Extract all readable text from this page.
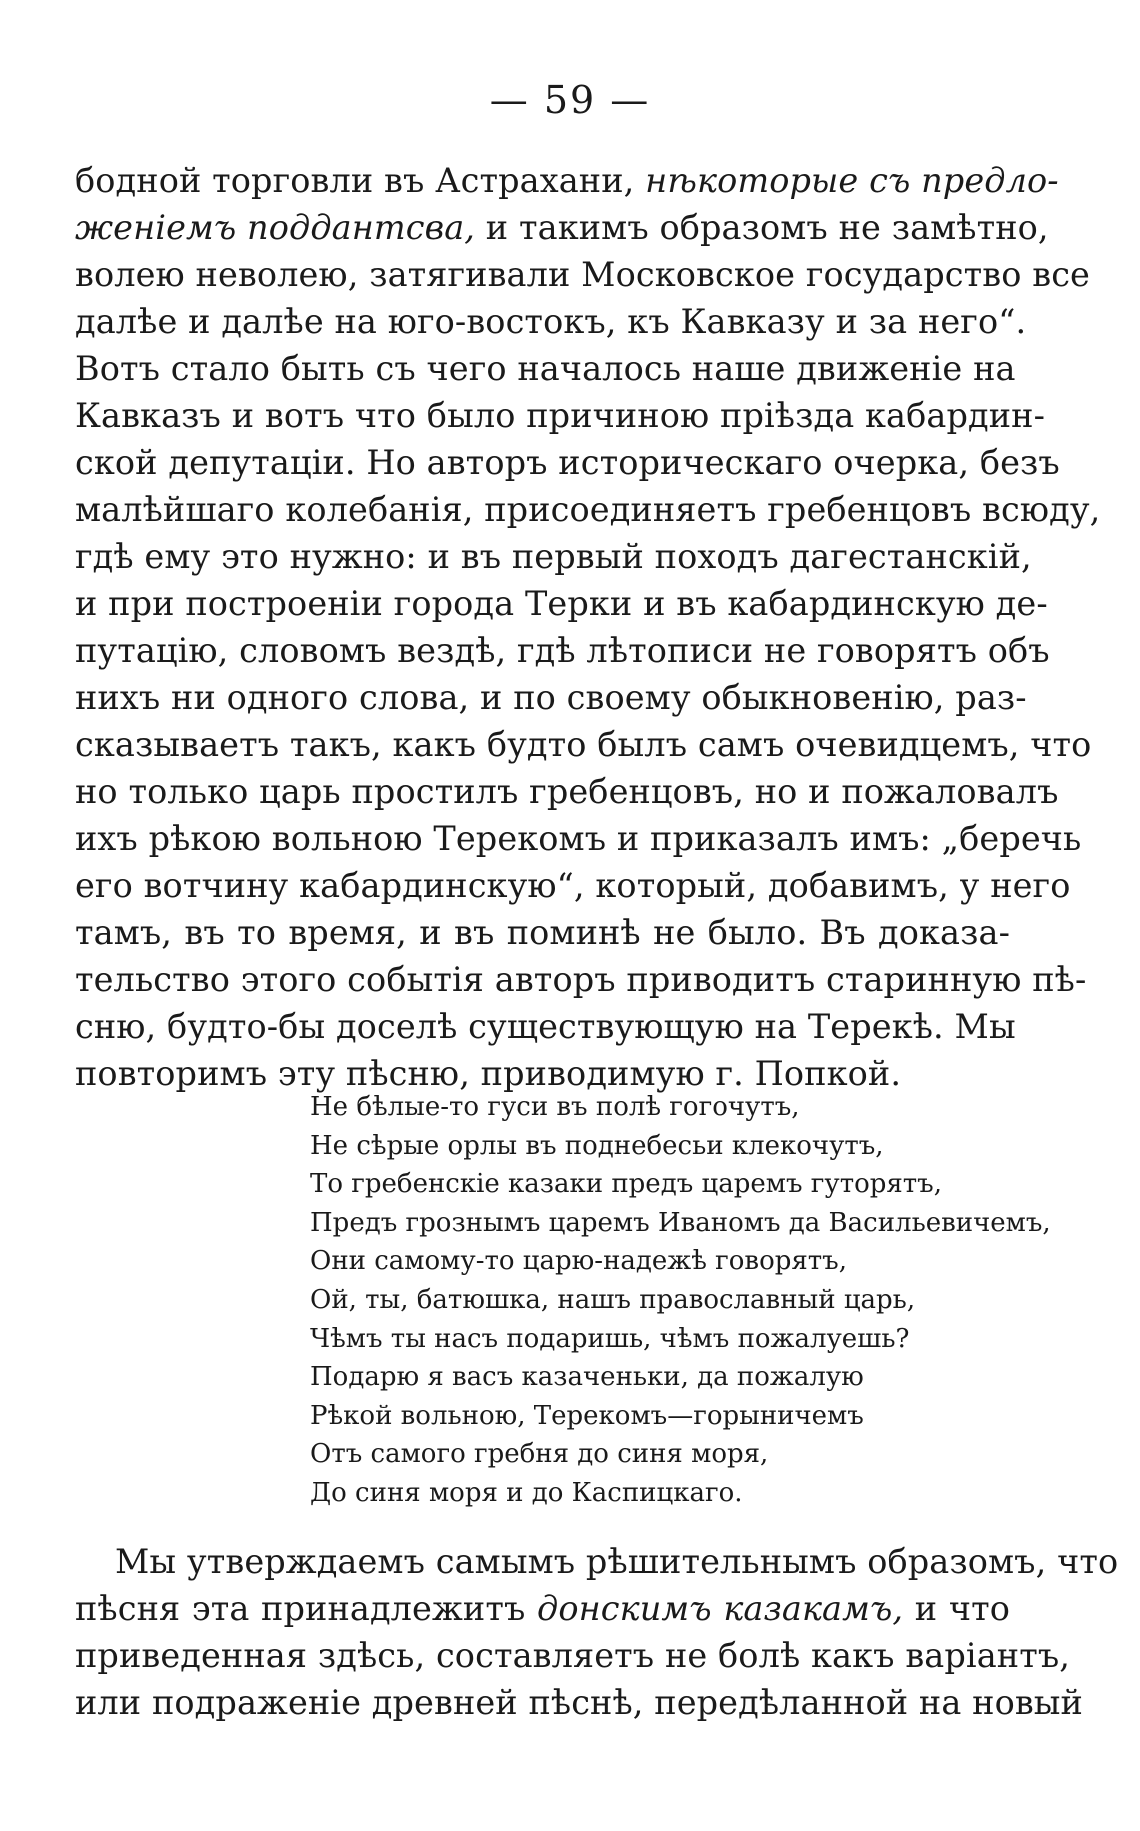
— 59 —
бодной торговли въ Астрахани, нѣкоторые съ предло-
женіемъ поддантсва, и такимъ образомъ не замѣтно,
волею неволею, затягивали Московское государство все
далѣе и далѣе на юго-востокъ, къ Кавказу и за него“.
Вотъ стало быть съ чего началось наше движеніе на
Кавказъ и вотъ что было причиною пріѣзда кабардин-
ской депутаціи. Но авторъ историческаго очерка, безъ
малѣйшаго колебанія, присоединяетъ гребенцовъ всюду,
гдѣ ему это нужно: и въ первый походъ дагестанскій,
и при построеніи города Терки и въ кабардинскую де-
путацію, словомъ вездѣ, гдѣ лѣтописи не говорятъ объ
нихъ ни одного слова, и по своему обыкновенію, раз-
сказываетъ такъ, какъ будто былъ самъ очевидцемъ, что
но только царь простилъ гребенцовъ, но и пожаловалъ
ихъ рѣкою вольною Терекомъ и приказалъ имъ: „беречь
его вотчину кабардинскую“, который, добавимъ, у него
тамъ, въ то время, и въ поминѣ не было. Въ доказа-
тельство этого событія авторъ приводитъ старинную пѣ-
сню, будто-бы доселѣ существующую на Терекѣ. Мы
повторимъ эту пѣсню, приводимую г. Попкой.
Не бѣлые-то гуси въ полѣ гогочутъ,
Не сѣрые орлы въ поднебесьи клекочутъ,
То гребенскіе казаки предъ царемъ гуторятъ,
Предъ грознымъ царемъ Иваномъ да Васильевичемъ,
Они самому-то царю-надежѣ говорятъ,
Ой, ты, батюшка, нашъ православный царь,
Чѣмъ ты насъ подаришь, чѣмъ пожалуешь?
Подарю я васъ казаченьки, да пожалую
Рѣкой вольною, Терекомъ—горыничемъ
Отъ самого гребня до синя моря,
До синя моря и до Каспицкаго.
Мы утверждаемъ самымъ рѣшительнымъ образомъ, что
пѣсня эта принадлежитъ донскимъ казакамъ, и что
приведенная здѣсь, составляетъ не болѣ какъ варіантъ,
или подраженіе древней пѣснѣ, передѣланной на новый
